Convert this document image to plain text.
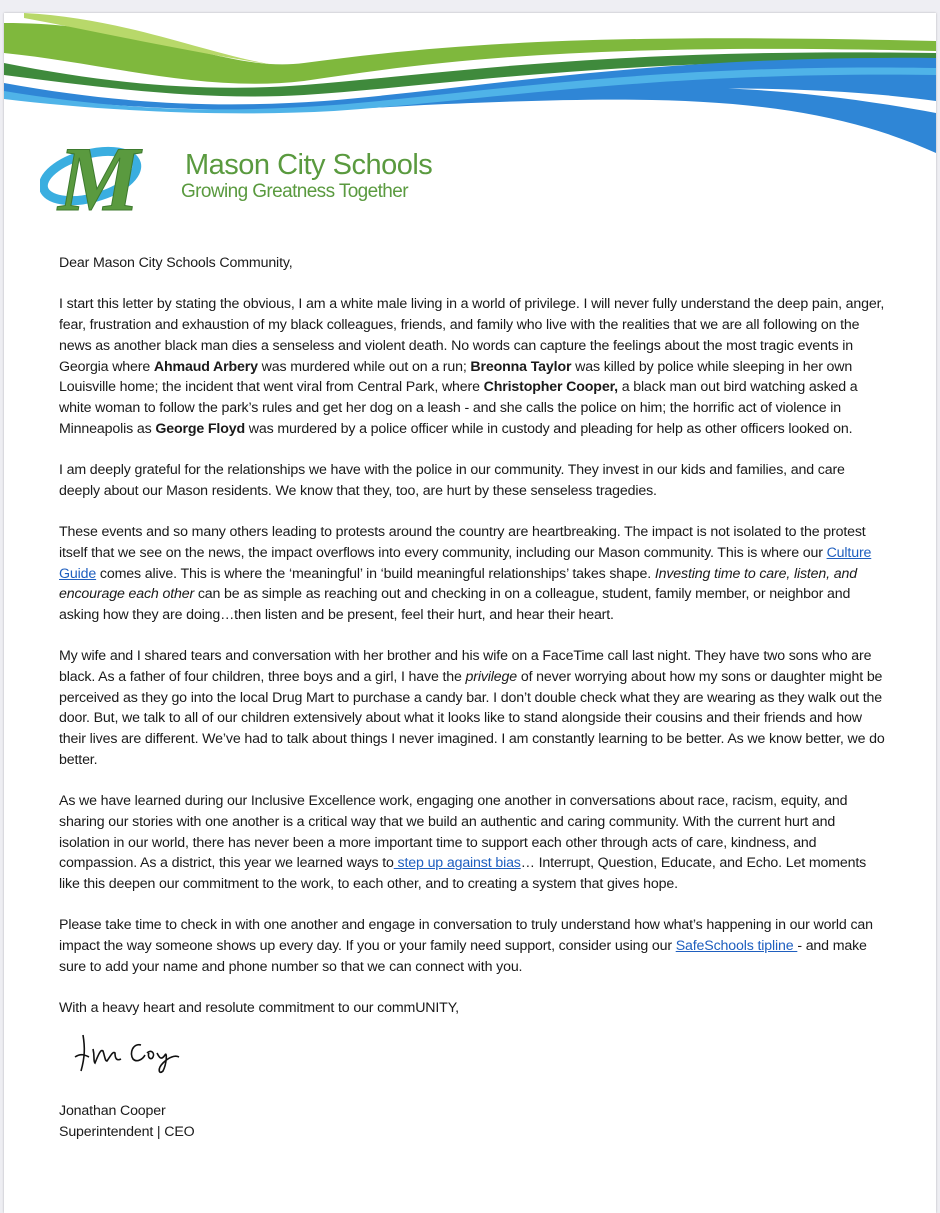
M Mason City Schools
Growing Greatness Together

Dear Mason City Schools Community,

I start this letter by stating the obvious, I am a white male living in a world of privilege. I will never fully understand the deep pain, anger, fear, frustration and exhaustion of my black colleagues, friends, and family who live with the realities that we are all following on the news as another black man dies a senseless and violent death. No words can capture the feelings about the most tragic events in Georgia where Ahmaud Arbery was murdered while out on a run; Breonna Taylor was killed by police while sleeping in her own Louisville home; the incident that went viral from Central Park, where Christopher Cooper, a black man out bird watching asked a white woman to follow the park’s rules and get her dog on a leash - and she calls the police on him; the horrific act of violence in Minneapolis as George Floyd was murdered by a police officer while in custody and pleading for help as other officers looked on.

I am deeply grateful for the relationships we have with the police in our community. They invest in our kids and families, and care deeply about our Mason residents. We know that they, too, are hurt by these senseless tragedies.

These events and so many others leading to protests around the country are heartbreaking. The impact is not isolated to the protest itself that we see on the news, the impact overflows into every community, including our Mason community. This is where our Culture Guide comes alive. This is where the ‘meaningful’ in ‘build meaningful relationships’ takes shape. Investing time to care, listen, and encourage each other can be as simple as reaching out and checking in on a colleague, student, family member, or neighbor and asking how they are doing…then listen and be present, feel their hurt, and hear their heart.

My wife and I shared tears and conversation with her brother and his wife on a FaceTime call last night. They have two sons who are black. As a father of four children, three boys and a girl, I have the privilege of never worrying about how my sons or daughter might be perceived as they go into the local Drug Mart to purchase a candy bar. I don’t double check what they are wearing as they walk out the door. But, we talk to all of our children extensively about what it looks like to stand alongside their cousins and their friends and how their lives are different. We’ve had to talk about things I never imagined. I am constantly learning to be better. As we know better, we do better.

As we have learned during our Inclusive Excellence work, engaging one another in conversations about race, racism, equity, and sharing our stories with one another is a critical way that we build an authentic and caring community. With the current hurt and isolation in our world, there has never been a more important time to support each other through acts of care, kindness, and compassion. As a district, this year we learned ways to step up against bias… Interrupt, Question, Educate, and Echo. Let moments like this deepen our commitment to the work, to each other, and to creating a system that gives hope.

Please take time to check in with one another and engage in conversation to truly understand how what’s happening in our world can impact the way someone shows up every day. If you or your family need support, consider using our SafeSchools tipline - and make sure to add your name and phone number so that we can connect with you.

With a heavy heart and resolute commitment to our commUNITY,

Jonathan Cooper

Superintendent | CEO
